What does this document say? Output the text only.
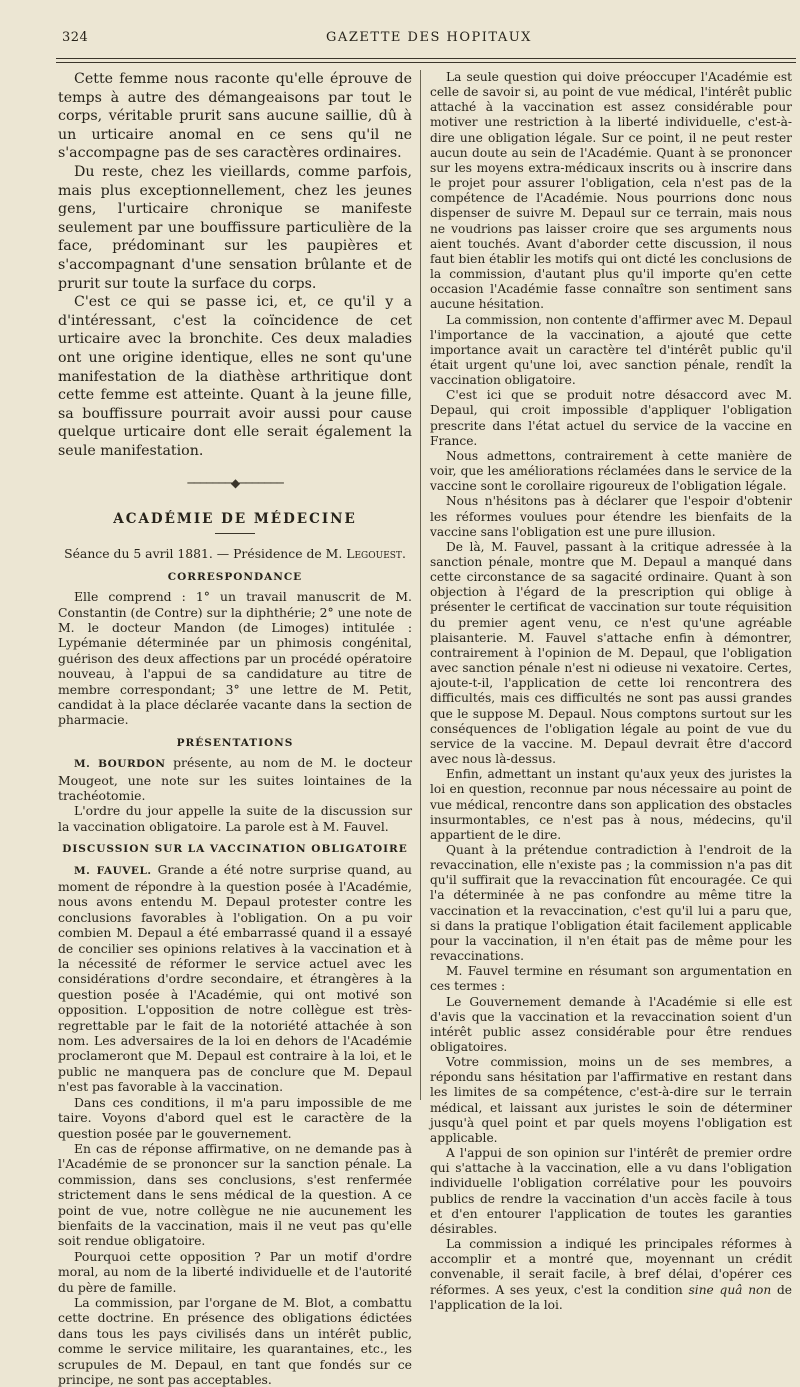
324	GAZETTE DES HOPITAUX

Cette femme nous raconte qu'elle éprouve de temps à autre des démangeaisons par tout le corps, véritable prurit sans aucune saillie, dû à un urticaire anomal en ce sens qu'il ne s'accompagne pas de ses caractères ordinaires.

Du reste, chez les vieillards, comme parfois, mais plus exceptionnellement, chez les jeunes gens, l'urticaire chronique se manifeste seulement par une bouffissure particulière de la face, prédominant sur les paupières et s'accompagnant d'une sensation brûlante et de prurit sur toute la surface du corps.

C'est ce qui se passe ici, et, ce qu'il y a d'intéressant, c'est la coïncidence de cet urticaire avec la bronchite. Ces deux maladies ont une origine identique, elles ne sont qu'une manifestation de la diathèse arthritique dont cette femme est atteinte. Quant à la jeune fille, sa bouffissure pourrait avoir aussi pour cause quelque urticaire dont elle serait également la seule manifestation.

───────◆───────
ACADÉMIE DE MÉDECINE
Séance du 5 avril 1881. — Présidence de M. Legouest.
CORRESPONDANCE

Elle comprend : 1° un travail manuscrit de M. Constantin (de Contre) sur la diphthérie; 2° une note de M. le docteur Mandon (de Limoges) intitulée : Lypémanie déterminée par un phimosis congénital, guérison des deux affections par un procédé opératoire nouveau, à l'appui de sa candidature au titre de membre correspondant; 3° une lettre de M. Petit, candidat à la place déclarée vacante dans la section de pharmacie.

PRÉSENTATIONS

M. BOURDON présente, au nom de M. le docteur Mougeot, une note sur les suites lointaines de la trachéotomie.

L'ordre du jour appelle la suite de la discussion sur la vaccination obligatoire. La parole est à M. Fauvel.

DISCUSSION SUR LA VACCINATION OBLIGATOIRE

M. FAUVEL. Grande a été notre surprise quand, au moment de répondre à la question posée à l'Académie, nous avons entendu M. Depaul protester contre les conclusions favorables à l'obligation. On a pu voir combien M. Depaul a été embarrassé quand il a essayé de concilier ses opinions relatives à la vaccination et à la nécessité de réformer le service actuel avec les considérations d'ordre secondaire, et étrangères à la question posée à l'Académie, qui ont motivé son opposition. L'opposition de notre collègue est très-regrettable par le fait de la notoriété attachée à son nom. Les adversaires de la loi en dehors de l'Académie proclameront que M. Depaul est contraire à la loi, et le public ne manquera pas de conclure que M. Depaul n'est pas favorable à la vaccination.

Dans ces conditions, il m'a paru impossible de me taire. Voyons d'abord quel est le caractère de la question posée par le gouvernement.

En cas de réponse affirmative, on ne demande pas à l'Académie de se prononcer sur la sanction pénale. La commission, dans ses conclusions, s'est renfermée strictement dans le sens médical de la question. A ce point de vue, notre collègue ne nie aucunement les bienfaits de la vaccination, mais il ne veut pas qu'elle soit rendue obligatoire.

Pourquoi cette opposition ? Par un motif d'ordre moral, au nom de la liberté individuelle et de l'autorité du père de famille.

La commission, par l'organe de M. Blot, a combattu cette doctrine. En présence des obligations édictées dans tous les pays civilisés dans un intérêt public, comme le service militaire, les quarantaines, etc., les scrupules de M. Depaul, en tant que fondés sur ce principe, ne sont pas acceptables.

La seule question qui doive préoccuper l'Académie est celle de savoir si, au point de vue médical, l'intérêt public attaché à la vaccination est assez considérable pour motiver une restriction à la liberté individuelle, c'est-à-dire une obligation légale. Sur ce point, il ne peut rester aucun doute au sein de l'Académie. Quant à se prononcer sur les moyens extra-médicaux inscrits ou à inscrire dans le projet pour assurer l'obligation, cela n'est pas de la compétence de l'Académie. Nous pourrions donc nous dispenser de suivre M. Depaul sur ce terrain, mais nous ne voudrions pas laisser croire que ses arguments nous aient touchés. Avant d'aborder cette discussion, il nous faut bien établir les motifs qui ont dicté les conclusions de la commission, d'autant plus qu'il importe qu'en cette occasion l'Académie fasse connaître son sentiment sans aucune hésitation.

La commission, non contente d'affirmer avec M. Depaul l'importance de la vaccination, a ajouté que cette importance avait un caractère tel d'intérêt public qu'il était urgent qu'une loi, avec sanction pénale, rendît la vaccination obligatoire.

C'est ici que se produit notre désaccord avec M. Depaul, qui croit impossible d'appliquer l'obligation prescrite dans l'état actuel du service de la vaccine en France.

Nous admettons, contrairement à cette manière de voir, que les améliorations réclamées dans le service de la vaccine sont le corollaire rigoureux de l'obligation légale.

Nous n'hésitons pas à déclarer que l'espoir d'obtenir les réformes voulues pour étendre les bienfaits de la vaccine sans l'obligation est une pure illusion.

De là, M. Fauvel, passant à la critique adressée à la sanction pénale, montre que M. Depaul a manqué dans cette circonstance de sa sagacité ordinaire. Quant à son objection à l'égard de la prescription qui oblige à présenter le certificat de vaccination sur toute réquisition du premier agent venu, ce n'est qu'une agréable plaisanterie. M. Fauvel s'attache enfin à démontrer, contrairement à l'opinion de M. Depaul, que l'obligation avec sanction pénale n'est ni odieuse ni vexatoire. Certes, ajoute-t-il, l'application de cette loi rencontrera des difficultés, mais ces difficultés ne sont pas aussi grandes que le suppose M. Depaul. Nous comptons surtout sur les conséquences de l'obligation légale au point de vue du service de la vaccine. M. Depaul devrait être d'accord avec nous là-dessus.

Enfin, admettant un instant qu'aux yeux des juristes la loi en question, reconnue par nous nécessaire au point de vue médical, rencontre dans son application des obstacles insurmontables, ce n'est pas à nous, médecins, qu'il appartient de le dire.

Quant à la prétendue contradiction à l'endroit de la revaccination, elle n'existe pas ; la commission n'a pas dit qu'il suffirait que la revaccination fût encouragée. Ce qui l'a déterminée à ne pas confondre au même titre la vaccination et la revaccination, c'est qu'il lui a paru que, si dans la pratique l'obligation était facilement applicable pour la vaccination, il n'en était pas de même pour les revaccinations.

M. Fauvel termine en résumant son argumentation en ces termes :

Le Gouvernement demande à l'Académie si elle est d'avis que la vaccination et la revaccination soient d'un intérêt public assez considérable pour être rendues obligatoires.

Votre commission, moins un de ses membres, a répondu sans hésitation par l'affirmative en restant dans les limites de sa compétence, c'est-à-dire sur le terrain médical, et laissant aux juristes le soin de déterminer jusqu'à quel point et par quels moyens l'obligation est applicable.

A l'appui de son opinion sur l'intérêt de premier ordre qui s'attache à la vaccination, elle a vu dans l'obligation individuelle l'obligation corrélative pour les pouvoirs publics de rendre la vaccination d'un accès facile à tous et d'en entourer l'application de toutes les garanties désirables.

La commission a indiqué les principales réformes à accomplir et a montré que, moyennant un crédit convenable, il serait facile, à bref délai, d'opérer ces réformes. A ses yeux, c'est la condition sine quâ non de l'application de la loi.
